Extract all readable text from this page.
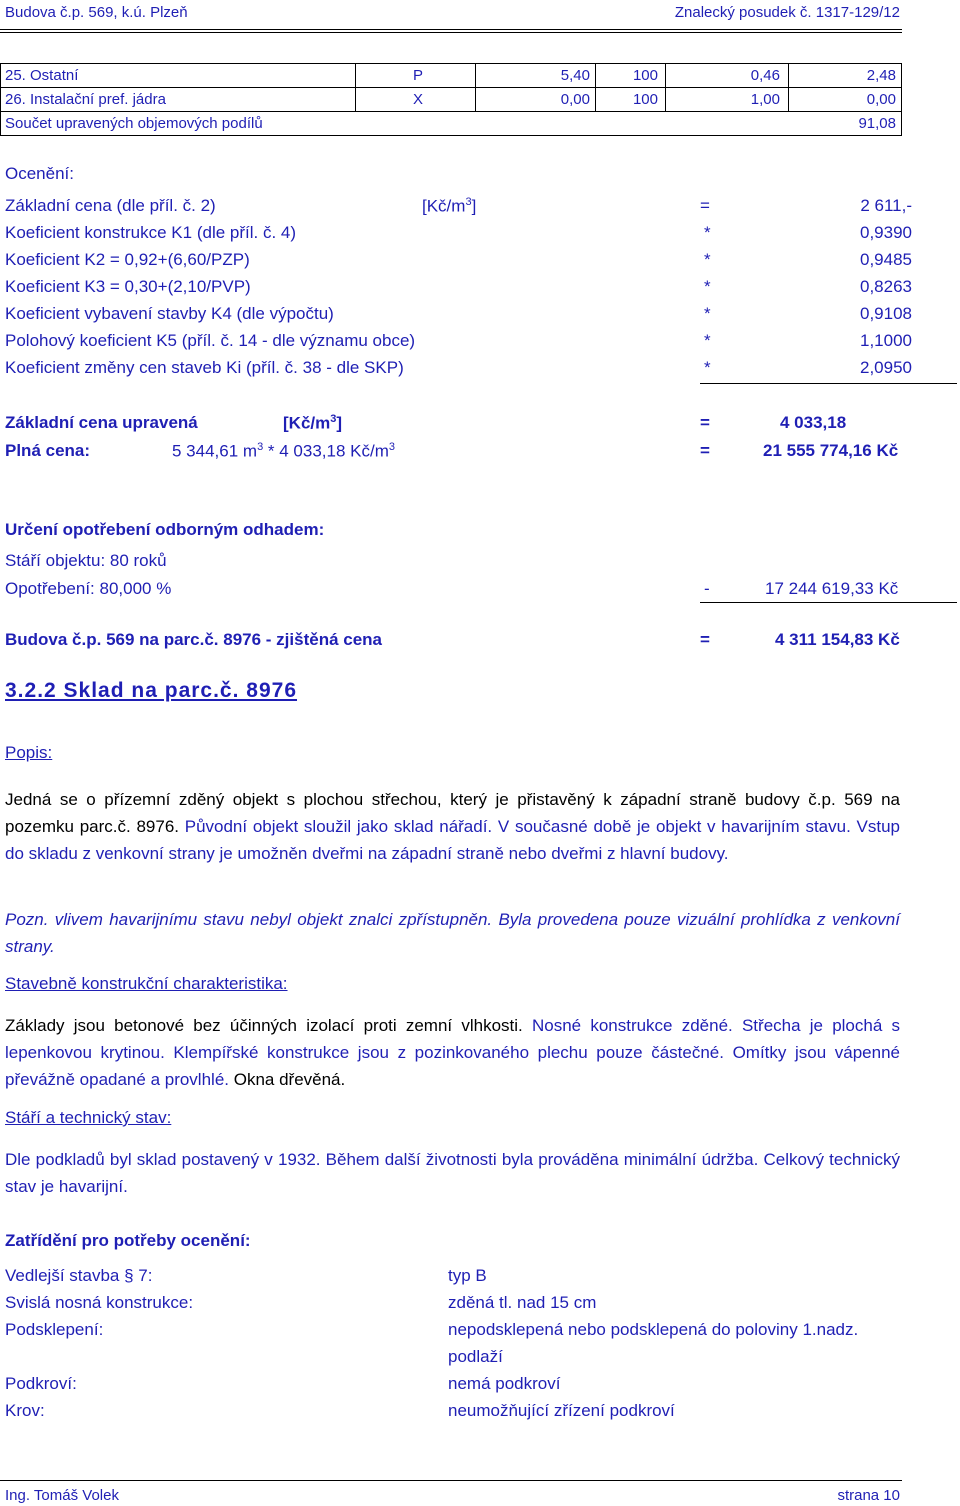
Budova č.p. 569, k.ú. Plzeň	Znalecký posudek č. 1317-129/12
25. Ostatní	P	5,40	100	0,46	2,48
26. Instalační pref. jádra	X	0,00	100	1,00	0,00
Součet upravených objemových podílů	91,08
Ocenění:
Základní cena (dle příl. č. 2)	$[Kč/m^3]$	=	2 611,-
Koeficient konstrukce K1 (dle příl. č. 4)	*	0,9390
Koeficient K2 = 0,92+(6,60/PZP)	*	0,9485
Koeficient K3 = 0,30+(2,10/PVP)	*	0,8263
Koeficient vybavení stavby K4 (dle výpočtu)	*	0,9108
Polohový koeficient K5 (příl. č. 14 - dle významu obce)	*	1,1000
Koeficient změny cen staveb Ki (příl. č. 38 - dle SKP)	*	2,0950
Základní cena upravená	$[Kč/m^3]$	=	4 033,18
Plná cena:	5 344,61 $m^3 * 4$ 033,18 $Kč/m^3$	=	21 555 774,16 Kč
Určení opotřebení odborným odhadem:
Stáří objektu: 80 roků
Opotřebení: 80,000 %	-	17 244 619,33 Kč
Budova č.p. 569 na parc.č. 8976 - zjištěná cena	=	4 311 154,83 Kč
3.2.2 Sklad na parc.č. 8976
Popis:
Jedná se o přízemní zděný objekt s plochou střechou, který je přistavěný k západní straně budovy č.p. 569 na pozemku parc.č. 8976. Původní objekt sloužil jako sklad nářadí. V současné době je objekt v havarijním stavu. Vstup do skladu z venkovní strany je umožněn dveřmi na západní straně nebo dveřmi z hlavní budovy.
Pozn. vlivem havarijnímu stavu nebyl objekt znalci zpřístupněn. Byla provedena pouze vizuální prohlídka z venkovní strany.
Stavebně konstrukční charakteristika:
Základy jsou betonové bez účinných izolací proti zemní vlhkosti. Nosné konstrukce zděné. Střecha je plochá s lepenkovou krytinou. Klempířské konstrukce jsou z pozinkovaného plechu pouze částečné. Omítky jsou vápenné převážně opadané a provlhlé. Okna dřevěná.
Stáří a technický stav:
Dle podkladů byl sklad postavený v 1932. Během další životnosti byla prováděna minimální údržba. Celkový technický stav je havarijní.
Zatřídění pro potřeby ocenění:
Vedlejší stavba § 7:	typ B
Svislá nosná konstrukce:	zděná tl. nad 15 cm
Podsklepení:	nepodsklepená nebo podsklepená do poloviny 1.nadz.
podlaží
Podkroví:	nemá podkroví
Krov:	neumožňující zřízení podkroví
Ing. Tomáš Volek	strana 10
